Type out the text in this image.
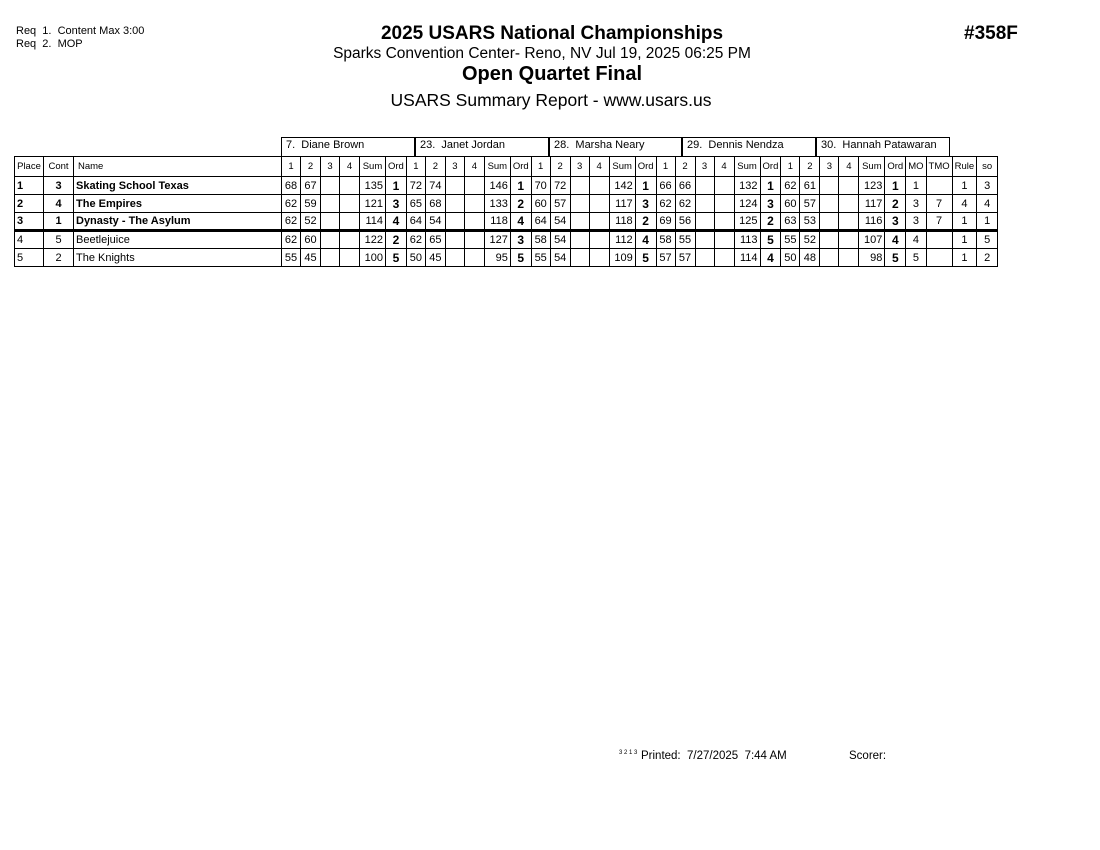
Req  1.  Content Max 3:00
Req  2.  MOP	#358F
2025 USARS National Championships
Sparks Convention Center- Reno, NV Jul 19, 2025 06:25 PM
Open Quartet Final
USARS Summary Report - www.usars.us
7.  Diane Brown	23.  Janet Jordan	28.  Marsha Neary	29.  Dennis Nendza	30.  Hannah Patawaran
Place	Cont	Name	1	2	3	4	Sum	Ord	1	2	3	4	Sum	Ord	1	2	3	4	Sum	Ord	1	2	3	4	Sum	Ord	1	2	3	4	Sum	Ord	MO	TMO	Rule	so
1	3	Skating School Texas	68	67			135	1	72	74			146	1	70	72			142	1	66	66			132	1	62	61			123	1	1		1	3
2	4	The Empires	62	59			121	3	65	68			133	2	60	57			117	3	62	62			124	3	60	57			117	2	3	7	4	4
3	1	Dynasty - The Asylum	62	52			114	4	64	54			118	4	64	54			118	2	69	56			125	2	63	53			116	3	3	7	1	1
4	5	Beetlejuice	62	60			122	2	62	65			127	3	58	54			112	4	58	55			113	5	55	52			107	4	4		1	5
5	2	The Knights	55	45			100	5	50	45			95	5	55	54			109	5	57	57			114	4	50	48			98	5	5		1	2
3 2 1 3 Printed:  7/27/2025  7:44 AM	Scorer:
